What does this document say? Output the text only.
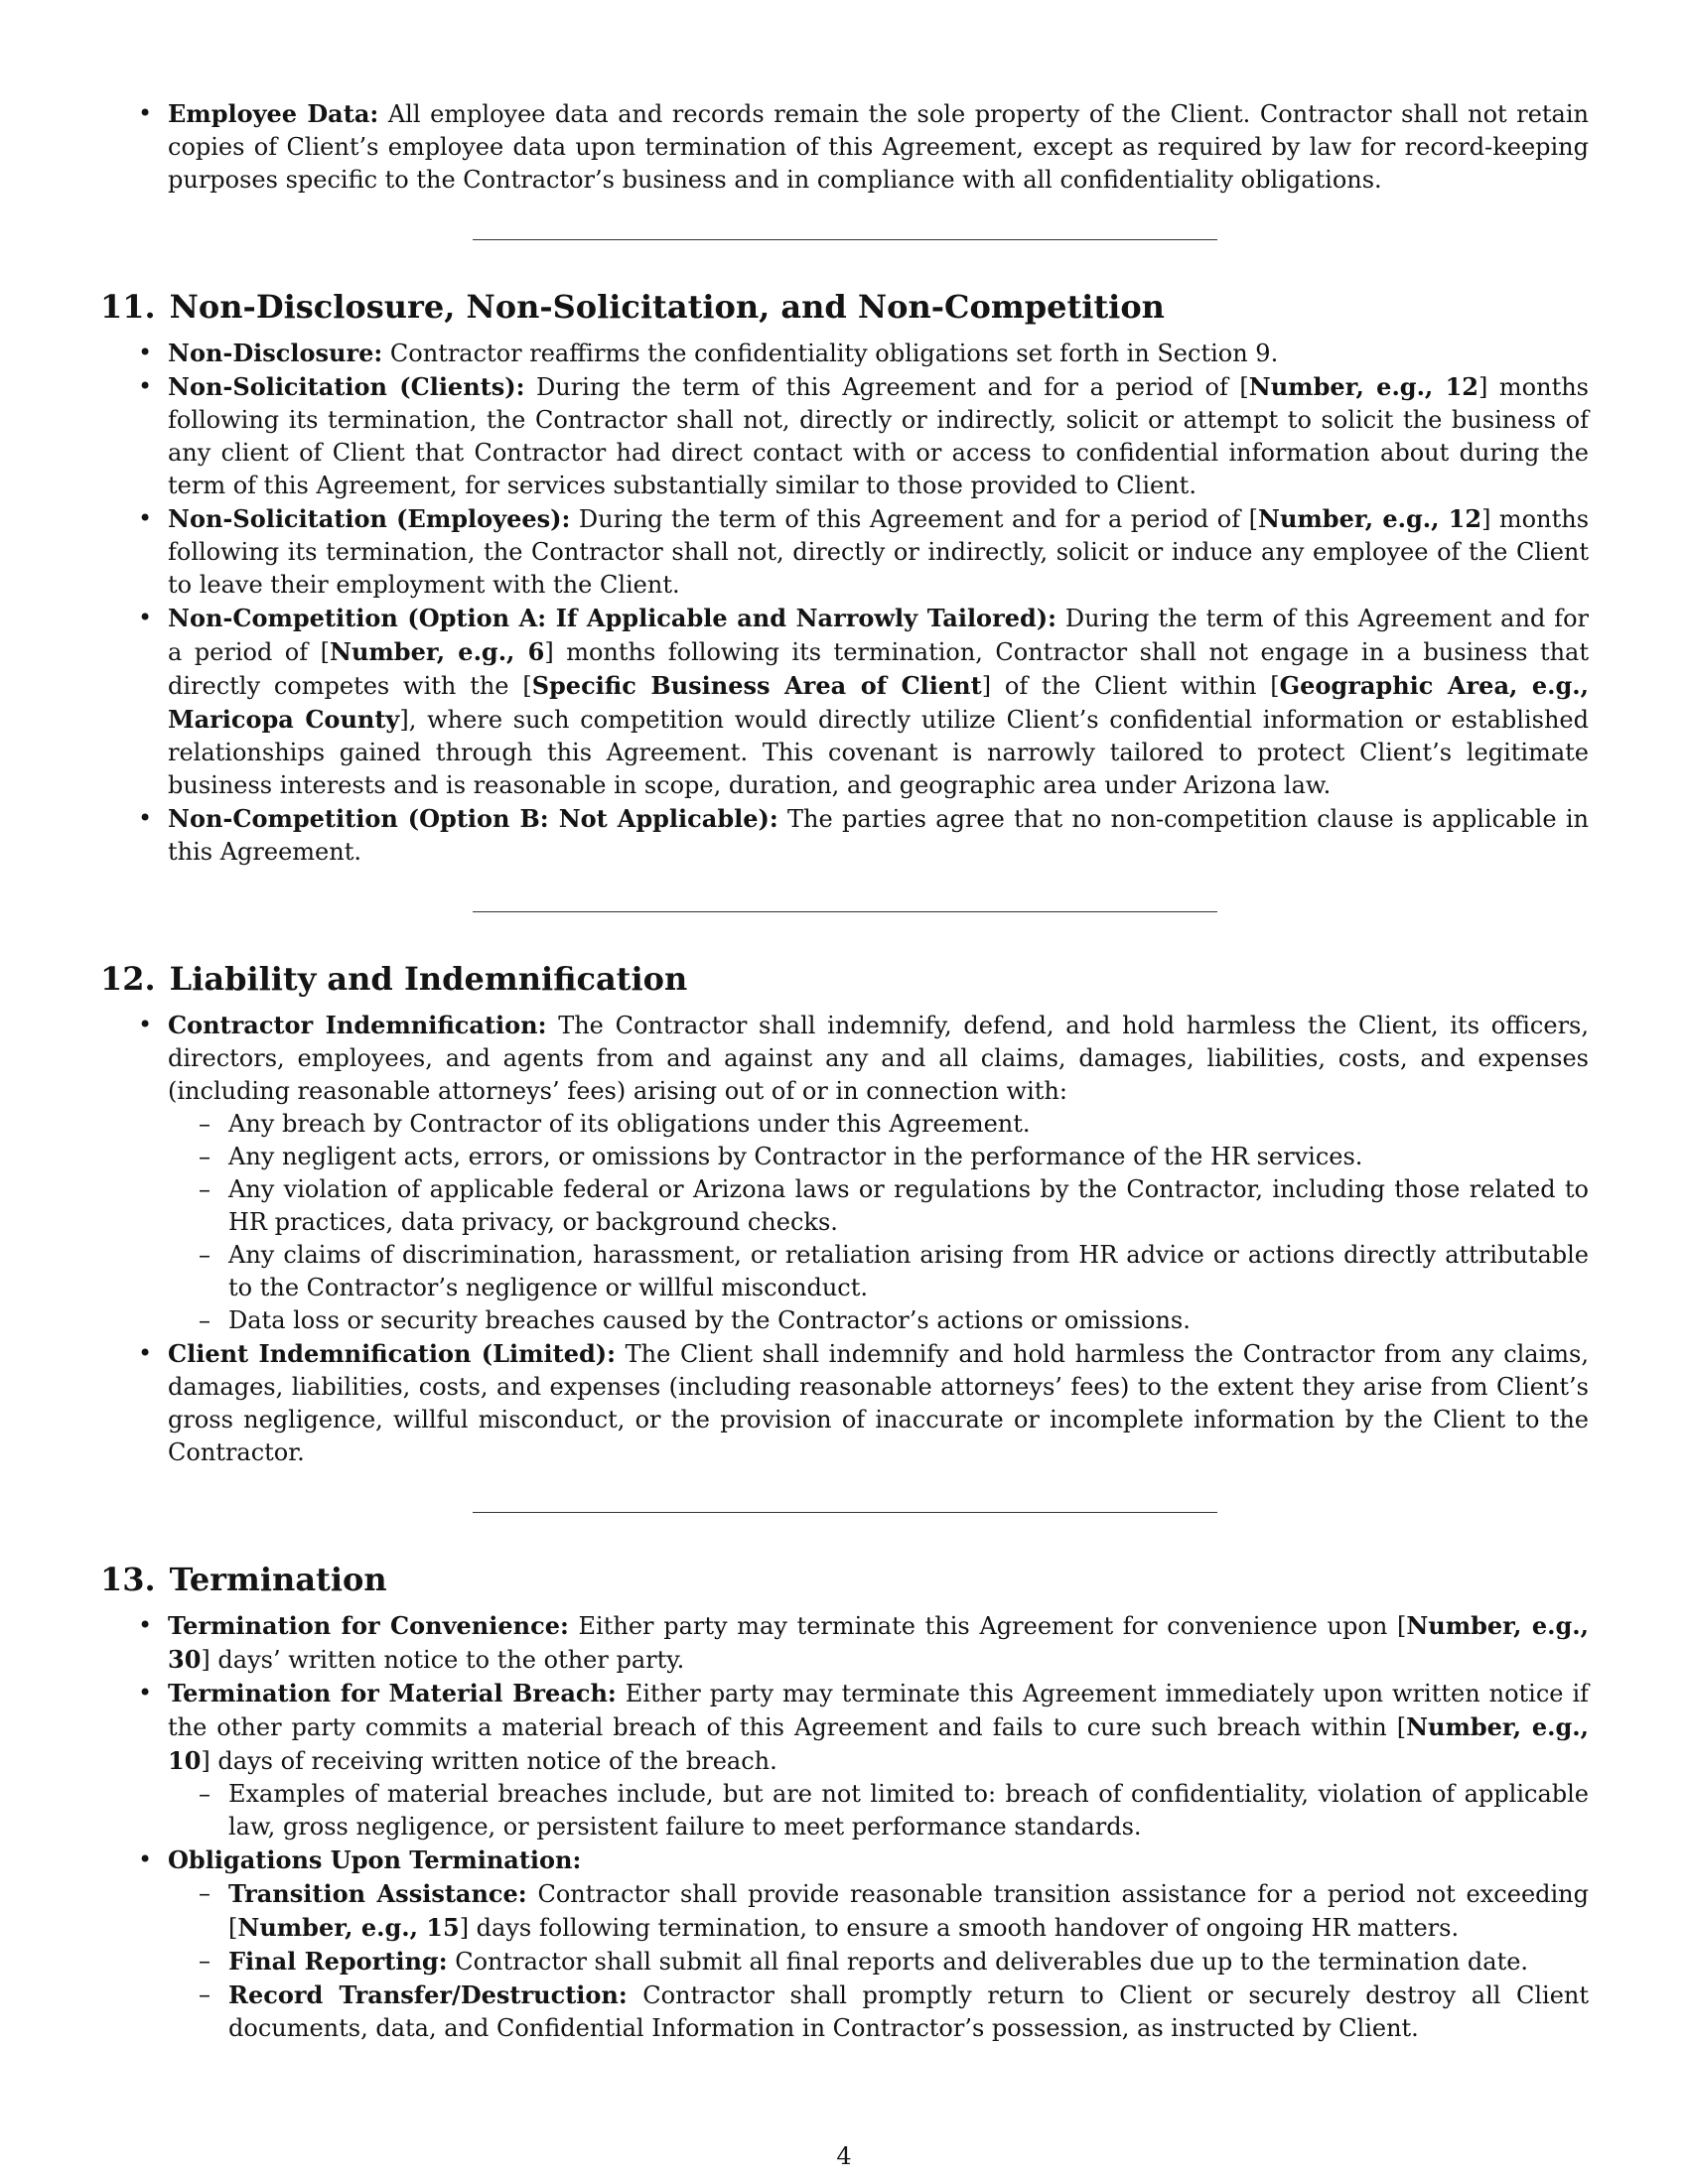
• Employee Data: All employee data and records remain the sole property of the Client. Contractor shall not retain copies of Client’s employee data upon termination of this Agreement, except as required by law for record-keeping purposes specific to the Contractor’s business and in compliance with all confidentiality obligations.
11. Non-Disclosure, Non-Solicitation, and Non-Competition
• Non-Disclosure: Contractor reaffirms the confidentiality obligations set forth in Section 9.
• Non-Solicitation (Clients): During the term of this Agreement and for a period of [Number, e.g., 12] months following its termination, the Contractor shall not, directly or indirectly, solicit or attempt to solicit the business of any client of Client that Contractor had direct contact with or access to confidential information about during the term of this Agreement, for services substantially similar to those provided to Client.
• Non-Solicitation (Employees): During the term of this Agreement and for a period of [Number, e.g., 12] months following its termination, the Contractor shall not, directly or indirectly, solicit or induce any employee of the Client to leave their employment with the Client.
• Non-Competition (Option A: If Applicable and Narrowly Tailored): During the term of this Agreement and for a period of [Number, e.g., 6] months following its termination, Contractor shall not engage in a business that directly competes with the [Specific Business Area of Client] of the Client within [Geographic Area, e.g., Maricopa County], where such competition would directly utilize Client’s confidential information or established relationships gained through this Agreement. This covenant is narrowly tailored to protect Client’s legitimate business interests and is reasonable in scope, duration, and geographic area under Arizona law.
• Non-Competition (Option B: Not Applicable): The parties agree that no non-competition clause is applicable in this Agreement.
12. Liability and Indemnification
• Contractor Indemnification: The Contractor shall indemnify, defend, and hold harmless the Client, its officers, directors, employees, and agents from and against any and all claims, damages, liabilities, costs, and expenses (including reasonable attorneys’ fees) arising out of or in connection with:
– Any breach by Contractor of its obligations under this Agreement.
– Any negligent acts, errors, or omissions by Contractor in the performance of the HR services.
– Any violation of applicable federal or Arizona laws or regulations by the Contractor, including those related to HR practices, data privacy, or background checks.
– Any claims of discrimination, harassment, or retaliation arising from HR advice or actions directly attributable to the Contractor’s negligence or willful misconduct.
– Data loss or security breaches caused by the Contractor’s actions or omissions.
• Client Indemnification (Limited): The Client shall indemnify and hold harmless the Contractor from any claims, damages, liabilities, costs, and expenses (including reasonable attorneys’ fees) to the extent they arise from Client’s gross negligence, willful misconduct, or the provision of inaccurate or incomplete information by the Client to the Contractor.
13. Termination
• Termination for Convenience: Either party may terminate this Agreement for convenience upon [Number, e.g., 30] days’ written notice to the other party.
• Termination for Material Breach: Either party may terminate this Agreement immediately upon written notice if the other party commits a material breach of this Agreement and fails to cure such breach within [Number, e.g., 10] days of receiving written notice of the breach.
– Examples of material breaches include, but are not limited to: breach of confidentiality, violation of applicable law, gross negligence, or persistent failure to meet performance standards.
• Obligations Upon Termination:
– Transition Assistance: Contractor shall provide reasonable transition assistance for a period not exceeding [Number, e.g., 15] days following termination, to ensure a smooth handover of ongoing HR matters.
– Final Reporting: Contractor shall submit all final reports and deliverables due up to the termination date.
– Record Transfer/Destruction: Contractor shall promptly return to Client or securely destroy all Client documents, data, and Confidential Information in Contractor’s possession, as instructed by Client.
4
